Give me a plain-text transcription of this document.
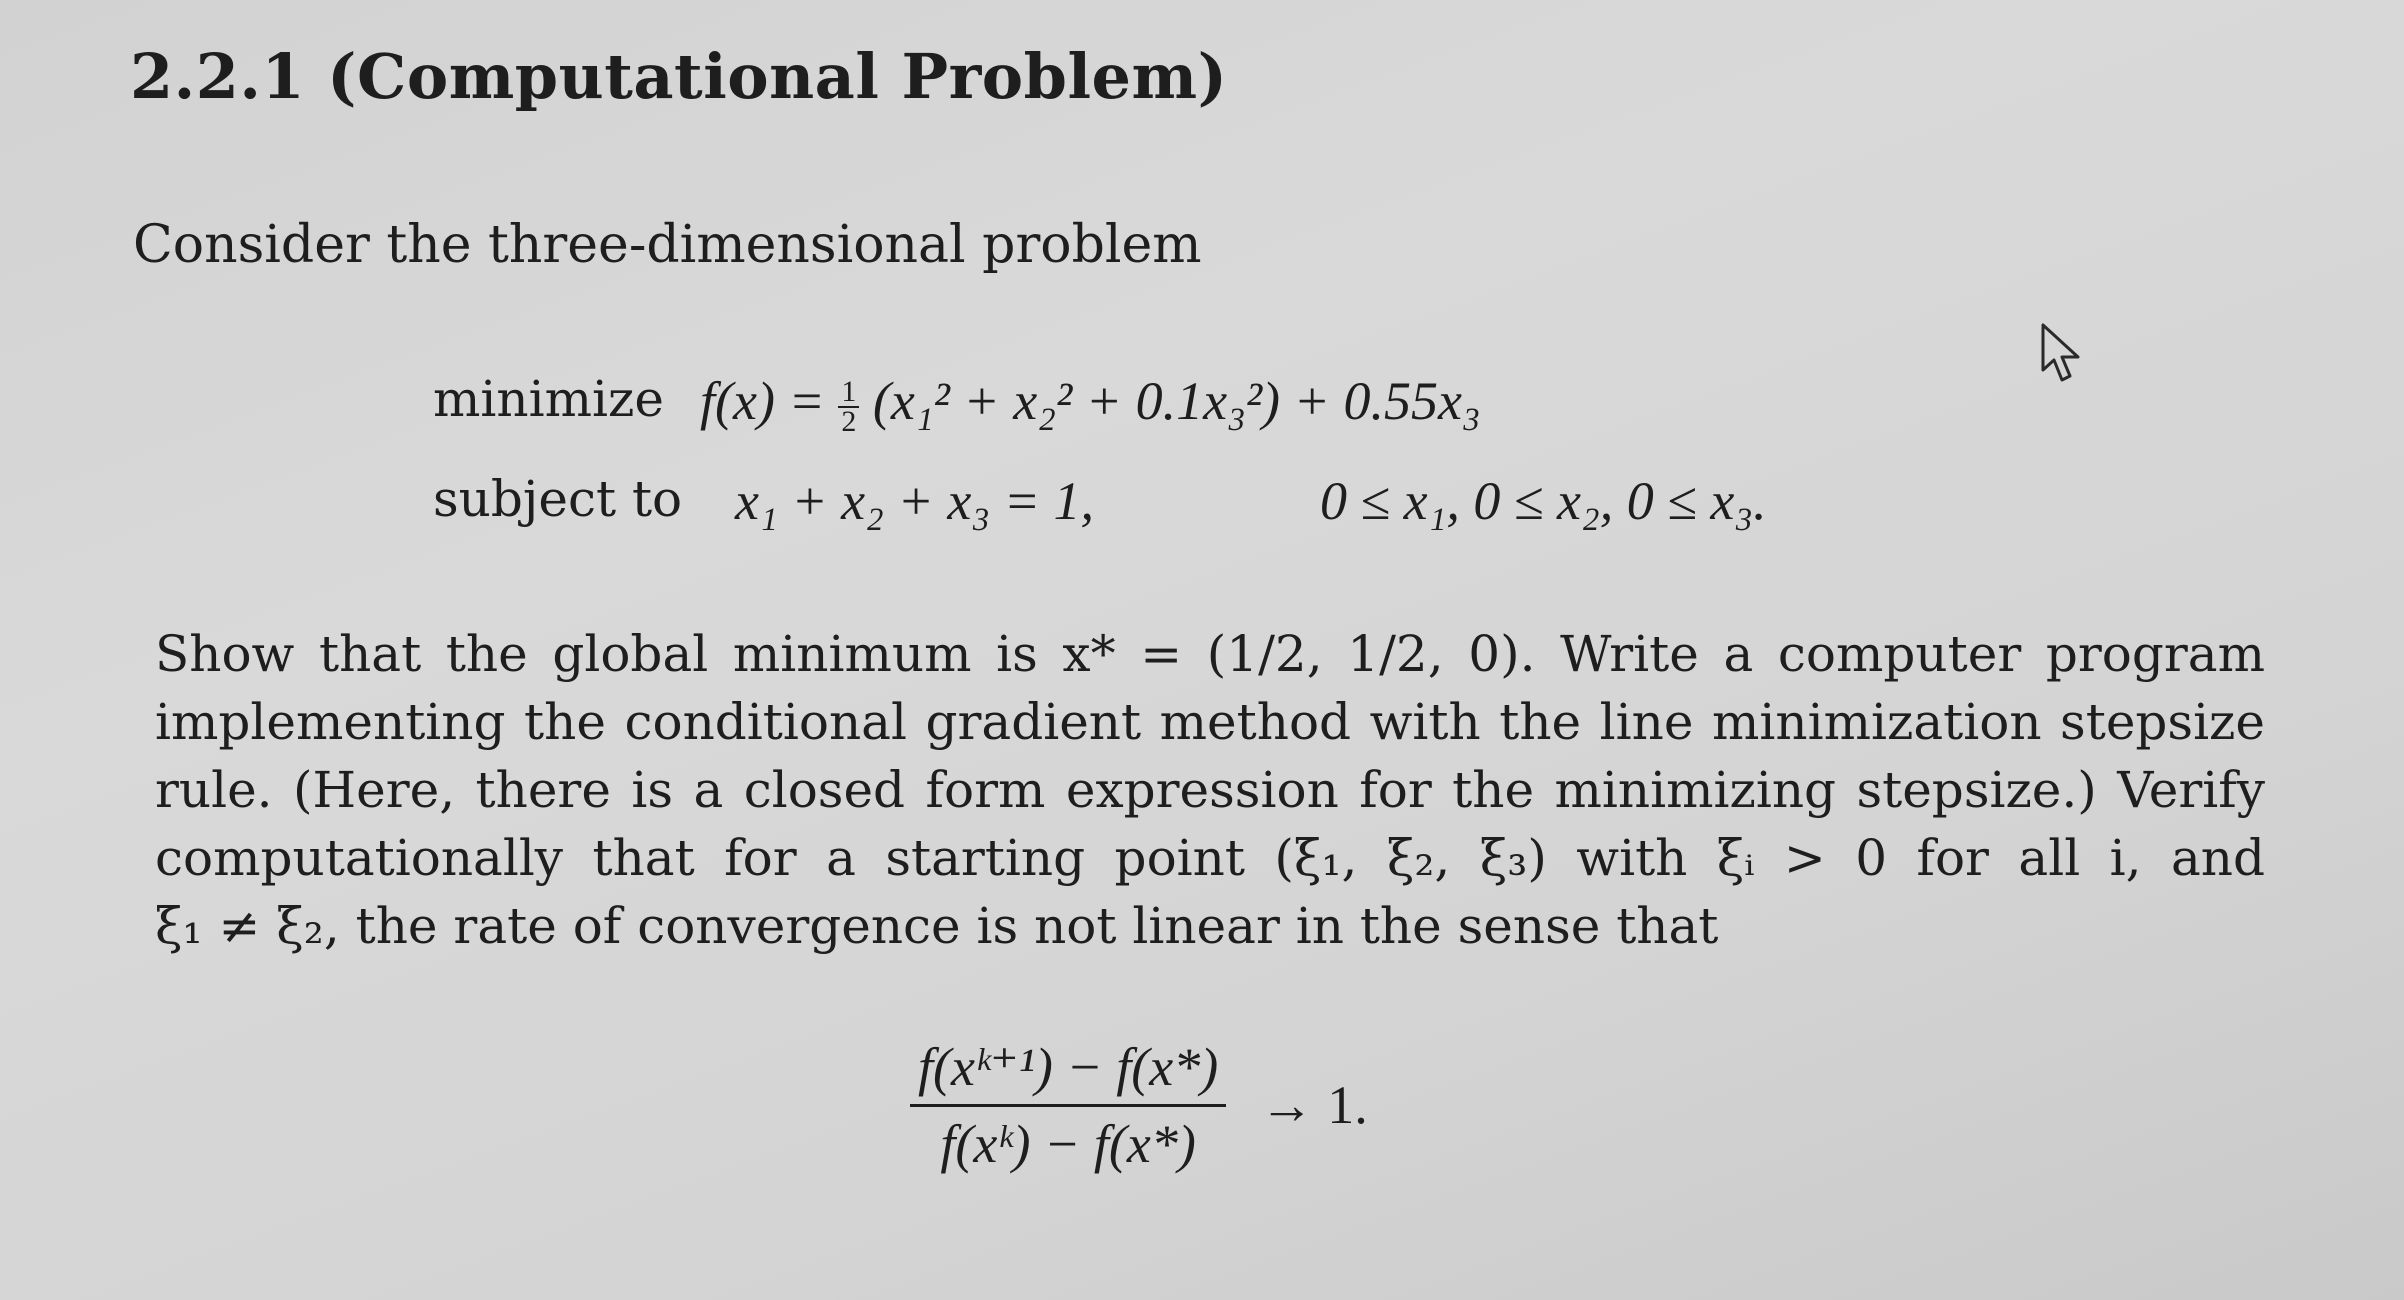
2.2.1 (Computational Problem)
Consider the three-dimensional problem
minimize $f(x) = \frac{1}{2} (x_1^2 + x_2^2 + 0.1x_3^2) + 0.55x_3$
subject to x₁ + x₂ + x₃ = 1,	0 ≤ x₁, 0 ≤ x₂, 0 ≤ x₃.
Show that the global minimum is x* = (1/2, 1/2, 0). Write a computer program
implementing the conditional gradient method with the line minimization stepsize
rule. (Here, there is a closed form expression for the minimizing stepsize.) Verify
computationally that for a starting point (ξ₁, ξ₂, ξ₃) with ξᵢ > 0 for all i, and
ξ₁ ≠ ξ₂, the rate of convergence is not linear in the sense that
$\frac{\text{f(xᵏ⁺¹) − f(x*)}}{\text{f(xᵏ) − f(x*)}} \to 1$.
